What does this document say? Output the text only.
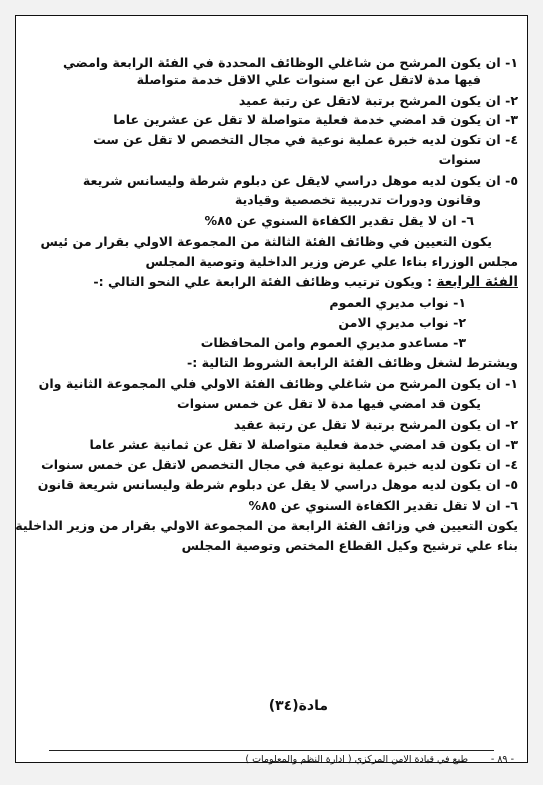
١- ان يكون المرشح من شاغلي الوظائف المحددة في الفئة الرابعة وامضي
فيها مدة لاتقل عن ابع سنوات علي الاقل خدمة متواصلة
٢- ان يكون المرشح برتبة لاتقل عن رتبة عميد
٣- ان يكون قد امضي خدمة فعلية متواصلة لا تقل عن عشرين عاما
٤- ان تكون لديه خبرة عملية نوعية في مجال التخصص لا تقل عن ست
سنوات
٥- ان يكون لديه موهل دراسي لايقل عن دبلوم شرطة وليسانس شريعة
وقانون ودورات تدريبية تخصصية وقيادية
٦- ان لا يقل تقدير الكفاءة السنوي عن ٨٥%
يكون التعيين في وظائف الفئة الثالثة من المجموعة الاولي بقرار من ئيس
مجلس الوزراء بناءا علي عرض وزير الداخلية وتوصية المجلس
الفئة الرابعة : ويكون ترتيب وظائف الفئة الرابعة علي النحو التالي :-
١- نواب مديري العموم
٢- نواب مديري الامن
٣- مساعدو مديري العموم وامن المحافظات
ويشترط لشغل وظائف الفئة الرابعة الشروط التالية :-
١- ان يكون المرشح من شاغلي وظائف الفئة الاولي فلي المجموعة الثانية وان
يكون قد امضي فيها مدة لا تقل عن خمس سنوات
٢- ان يكون المرشح برتبة لا تقل عن رتبة عقيد
٣- ان يكون قد امضي خدمة فعلية متواصلة لا تقل عن ثمانية عشر عاما
٤- ان تكون لديه خبرة عملية نوعية في مجال التخصص لاتقل عن خمس سنوات
٥- ان يكون لديه موهل دراسي لا يقل عن دبلوم شرطة وليسانس شريعة قانون
٦- ان لا تقل تقدير الكفاءة السنوي عن ٨٥%
يكون التعيين في وزائف الفئة الرابعة من المجموعة الاولي بقرار من وزير الداخلية
بناء علي ترشيح وكيل القطاع المختص وتوصية المجلس
مادة(٣٤)
- ٨٩ -
طبع في قيادة الامن المركزي ( ادارة النظم والمعلومات )
